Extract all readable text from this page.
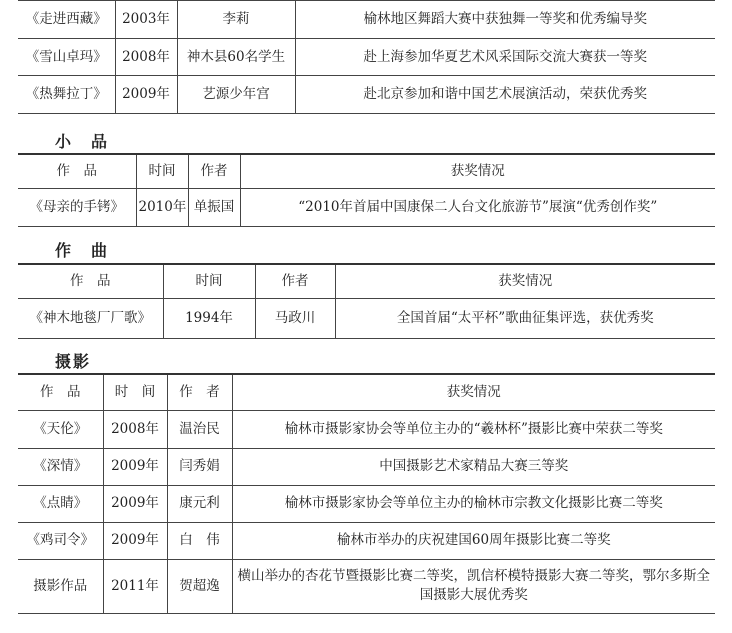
《走进西藏》	2003年	李莉	榆林地区舞蹈大赛中获独舞一等奖和优秀编导奖
《雪山卓玛》	2008年	神木县60名学生	赴上海参加华夏艺术风采国际交流大赛获一等奖
《热舞拉丁》	2009年	艺源少年宫	赴北京参加和谐中国艺术展演活动，荣获优秀奖
小　品
作　品	时间	作者	获奖情况
《母亲的手铐》	2010年	单振国	“2010年首届中国康保二人台文化旅游节”展演“优秀创作奖”
作　曲
作　品	时间	作者	获奖情况
《神木地毯厂厂歌》	1994年	马政川	全国首届“太平杯”歌曲征集评选，获优秀奖
摄影
作　品	时　间	作　者	获奖情况
《天伦》	2008年	温治民	榆林市摄影家协会等单位主办的“羲林杯”摄影比赛中荣获二等奖
《深情》	2009年	闫秀娟	中国摄影艺术家精品大赛三等奖
《点睛》	2009年	康元利	榆林市摄影家协会等单位主办的榆林市宗教文化摄影比赛二等奖
《鸡司令》	2009年	白　伟	榆林市举办的庆祝建国60周年摄影比赛二等奖
摄影作品	2011年	贺超逸	横山举办的杏花节暨摄影比赛二等奖，凯信杯模特摄影大赛二等奖，鄂尔多斯全国摄影大展优秀奖
